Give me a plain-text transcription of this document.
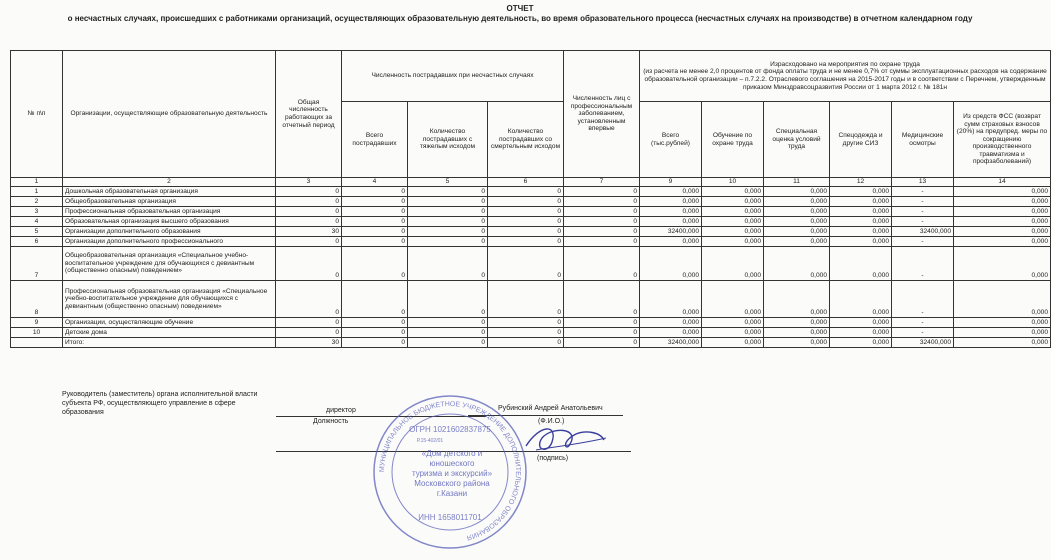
ОТЧЕТ
о несчастных случаях, происшедших с работниками организаций, осуществляющих образовательную деятельность, во время образовательного процесса (несчастных случаях на производстве) в отчетном календарном году
№ п\п	Организации, осуществляющие образовательную деятельность	Общая численность работающих за отчетный период	Численность пострадавших при несчастных случаях			Численность лиц с профессиональным заболеванием, установленным впервые	Израсходовано на мероприятия по охране труда
(из расчета не менее 2,0 процентов от фонда оплаты труда и не менее 0,7% от суммы эксплуатационных расходов на содержание образовательной организации – п.7.2.2. Отраслевого соглашения на 2015-2017 годы и в соответствии с Перечнем, утвержденным приказом Минздравсоцразвития России от 1 марта 2012 г. № 181н					
			Всего пострадавших	Количество пострадавших с тяжелым исходом	Количество пострадавших со смертельным исходом		Всего (тыс.рублей)	Обучение по охране труда	Специальная оценка условий труда	Спецодежда и другие СИЗ	Медицинские осмотры	Из средств ФСС (возврат сумм страховых взносов (20%) на предупред. меры по сокращению производственного травматизма и профзаболеваний)
1	2	3	4	5	6	7	9	10	11	12	13	14
1	Дошкольная образовательная организация	0	0	0	0	0	0,000	0,000	0,000	0,000	-	0,000
2	Общеобразовательная организация	0	0	0	0	0	0,000	0,000	0,000	0,000	-	0,000
3	Профессиональная образовательная организация	0	0	0	0	0	0,000	0,000	0,000	0,000	-	0,000
4	Образовательная организация высшего образования	0	0	0	0	0	0,000	0,000	0,000	0,000	-	0,000
5	Организации дополнительного образования	30	0	0	0	0	32400,000	0,000	0,000	0,000	32400,000	0,000
6	Организации дополнительного профессионального	0	0	0	0	0	0,000	0,000	0,000	0,000	-	0,000
7	Общеобразовательная организация «Специальное учебно-воспитательное учреждение для обучающихся с девиантным (общественно опасным) поведением»	0	0	0	0	0	0,000	0,000	0,000	0,000	-	0,000
8	Профессиональная образовательная организация «Специальное учебно-воспитательное учреждение для обучающихся с девиантным (общественно опасным) поведением»	0	0	0	0	0	0,000	0,000	0,000	0,000	-	0,000
9	Организации, осуществляющие обучение	0	0	0	0	0	0,000	0,000	0,000	0,000	-	0,000
10	Детские дома	0	0	0	0	0	0,000	0,000	0,000	0,000	-	0,000
	Итого:	30	0	0	0	0	32400,000	0,000	0,000	0,000	32400,000	0,000
Руководитель (заместитель) органа исполнительной власти субъекта РФ, осуществляющего управление в сфере образования	директор
Должность
Рубинский Андрей Анатольевич
(Ф.И.О.)
(подпись)
МУНИЦИПАЛЬНОЕ БЮДЖЕТНОЕ УЧРЕЖДЕНИЕ ДОПОЛНИТЕЛЬНОГО ОБРАЗОВАНИЯ
ОГРН 1021602837875
Р.15-402/01
«Дом детского и
юношеского
туризма и экскурсий»
Московского района
г.Казани
ИНН 1658011701
